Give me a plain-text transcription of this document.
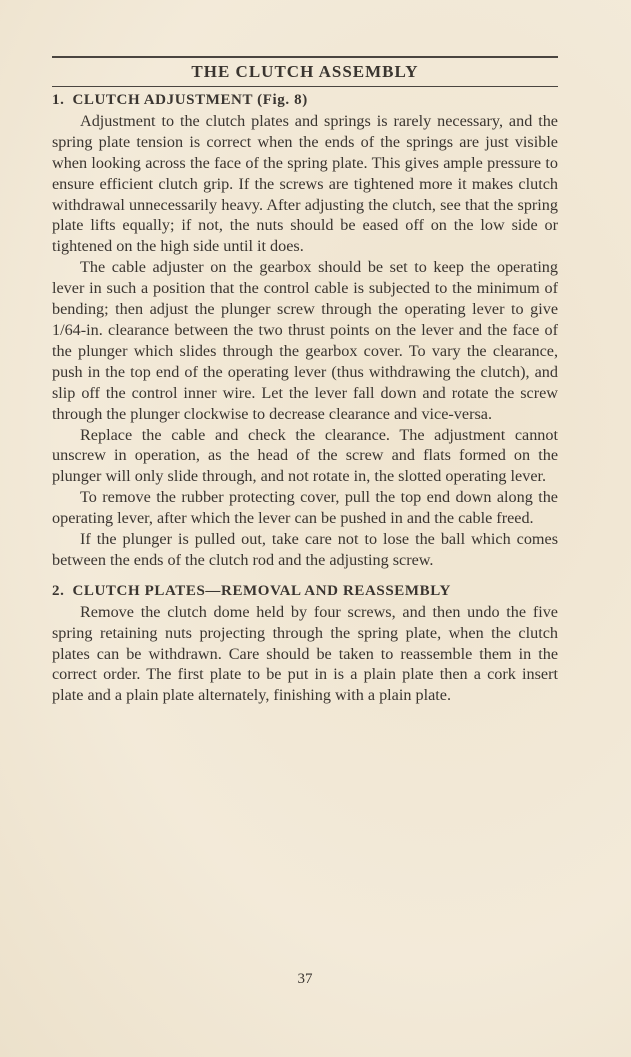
THE CLUTCH ASSEMBLY
1. CLUTCH ADJUSTMENT (Fig. 8)

Adjustment to the clutch plates and springs is rarely necessary, and the spring plate tension is correct when the ends of the springs are just visible when looking across the face of the spring plate. This gives ample pressure to ensure efficient clutch grip. If the screws are tightened more it makes clutch withdrawal unnecessarily heavy. After adjusting the clutch, see that the spring plate lifts equally; if not, the nuts should be eased off on the low side or tightened on the high side until it does.

The cable adjuster on the gearbox should be set to keep the operating lever in such a position that the control cable is subjected to the minimum of bending; then adjust the plunger screw through the operating lever to give 1/64-in. clearance between the two thrust points on the lever and the face of the plunger which slides through the gearbox cover. To vary the clearance, push in the top end of the operating lever (thus withdrawing the clutch), and slip off the control inner wire. Let the lever fall down and rotate the screw through the plunger clockwise to decrease clearance and vice-versa.

Replace the cable and check the clearance. The adjustment cannot unscrew in operation, as the head of the screw and flats formed on the plunger will only slide through, and not rotate in, the slotted operating lever.

To remove the rubber protecting cover, pull the top end down along the operating lever, after which the lever can be pushed in and the cable freed.

If the plunger is pulled out, take care not to lose the ball which comes between the ends of the clutch rod and the adjusting screw.

2. CLUTCH PLATES—REMOVAL AND REASSEMBLY

Remove the clutch dome held by four screws, and then undo the five spring retaining nuts projecting through the spring plate, when the clutch plates can be withdrawn. Care should be taken to reassemble them in the correct order. The first plate to be put in is a plain plate then a cork insert plate and a plain plate alternately, finishing with a plain plate.

37
